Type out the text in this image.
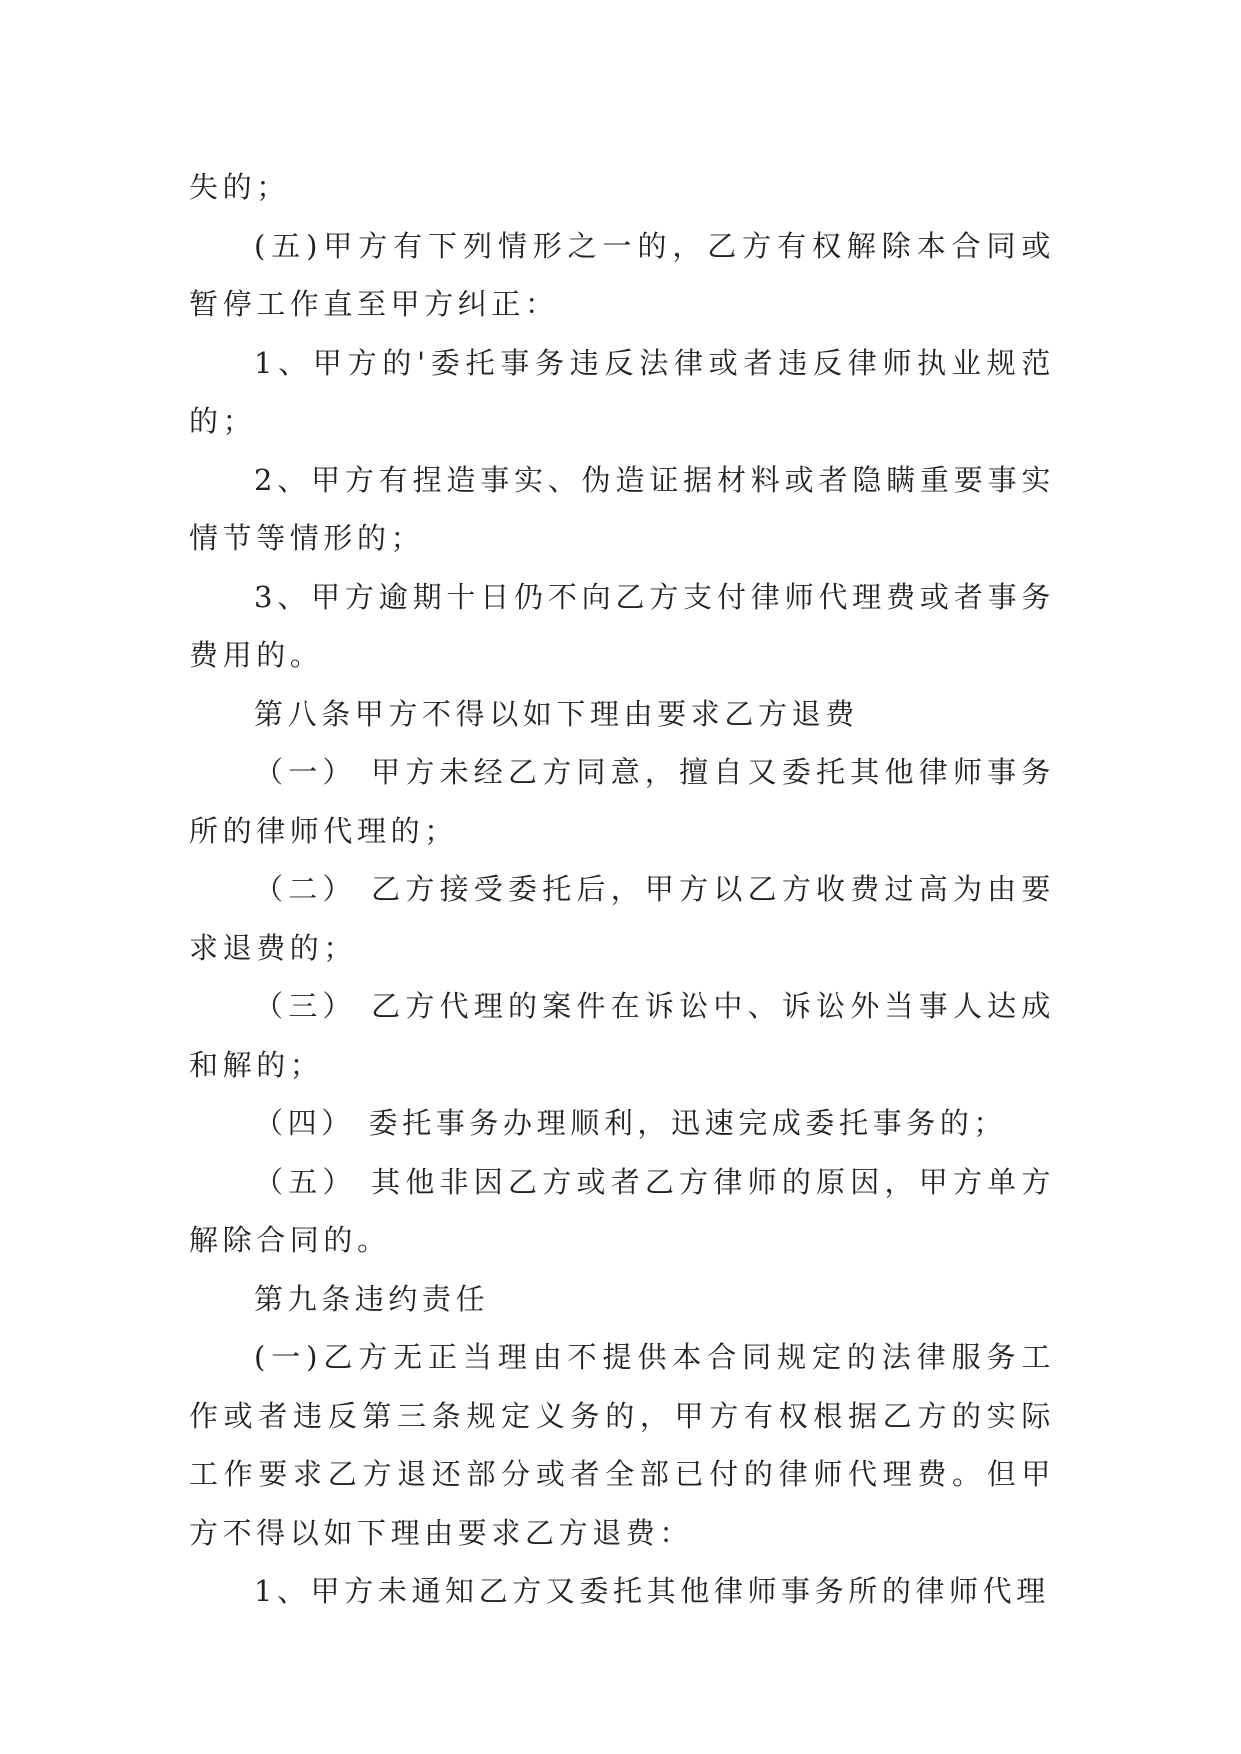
失的；

(五)甲方有下列情形之一的，乙方有权解除本合同或暂停工作直至甲方纠正：

1、甲方的'委托事务违反法律或者违反律师执业规范的；

2、甲方有捏造事实、伪造证据材料或者隐瞒重要事实情节等情形的；

3、甲方逾期十日仍不向乙方支付律师代理费或者事务费用的。

第八条甲方不得以如下理由要求乙方退费

（一） 甲方未经乙方同意，擅自又委托其他律师事务所的律师代理的；

（二） 乙方接受委托后，甲方以乙方收费过高为由要求退费的；

（三） 乙方代理的案件在诉讼中、诉讼外当事人达成和解的；

（四） 委托事务办理顺利，迅速完成委托事务的；

（五） 其他非因乙方或者乙方律师的原因，甲方单方解除合同的。

第九条违约责任

(一)乙方无正当理由不提供本合同规定的法律服务工作或者违反第三条规定义务的，甲方有权根据乙方的实际工作要求乙方退还部分或者全部已付的律师代理费。但甲方不得以如下理由要求乙方退费：

1、甲方未通知乙方又委托其他律师事务所的律师代理
